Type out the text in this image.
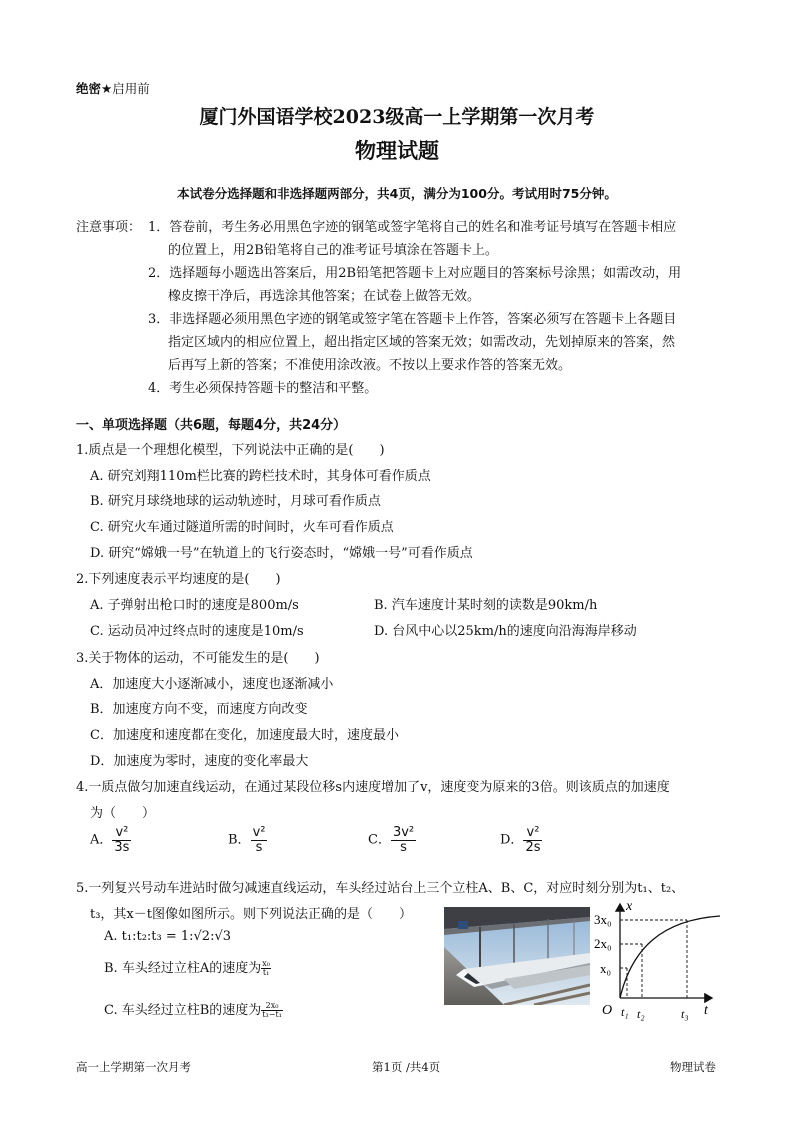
绝密★启用前
厦门外国语学校2023级高一上学期第一次月考
物理试题
本试卷分选择题和非选择题两部分，共4页，满分为100分。考试用时75分钟。
注意事项： 1．答卷前，考生务必用黑色字迹的钢笔或签字笔将自己的姓名和准考证号填写在答题卡相应
的位置上，用2B铅笔将自己的准考证号填涂在答题卡上。
2．选择题每小题选出答案后，用2B铅笔把答题卡上对应题目的答案标号涂黑；如需改动，用
橡皮擦干净后，再选涂其他答案；在试卷上做答无效。
3．非选择题必须用黑色字迹的钢笔或签字笔在答题卡上作答，答案必须写在答题卡上各题目
指定区域内的相应位置上，超出指定区域的答案无效；如需改动，先划掉原来的答案，然
后再写上新的答案；不准使用涂改液。不按以上要求作答的答案无效。
4．考生必须保持答题卡的整洁和平整。
一、单项选择题（共6题，每题4分，共24分）
1.质点是一个理想化模型，下列说法中正确的是(　　)
A. 研究刘翔110m栏比赛的跨栏技术时，其身体可看作质点
B. 研究月球绕地球的运动轨迹时，月球可看作质点
C. 研究火车通过隧道所需的时间时，火车可看作质点
D. 研究“嫦娥一号”在轨道上的飞行姿态时，“嫦娥一号”可看作质点
2.下列速度表示平均速度的是(　　)
A. 子弹射出枪口时的速度是800m/s	B. 汽车速度计某时刻的读数是90km/h
C. 运动员冲过终点时的速度是10m/s	D. 台风中心以25km/h的速度向沿海海岸移动
3.关于物体的运动，不可能发生的是(　　)
A．加速度大小逐渐减小，速度也逐渐减小
B．加速度方向不变，而速度方向改变
C．加速度和速度都在变化，加速度最大时，速度最小
D．加速度为零时，速度的变化率最大
4.一质点做匀加速直线运动，在通过某段位移s内速度增加了v，速度变为原来的3倍。则该质点的加速度
为（　　）
A． $\frac{\text{v²}}{3s}$	B． $\frac{\text{v²}}{s}$	C． $\frac{\text{3v²}}{s}$	D． $\frac{\text{v²}}{2s}$
5.一列复兴号动车进站时做匀减速直线运动，车头经过站台上三个立柱A、B、C，对应时刻分别为t₁、t₂、
t₃，其x－t图像如图所示。则下列说法正确的是（　　）
A. t₁:t₂:t₃ = 1:√2:√3
B. 车头经过立柱A的速度为 $\frac{\text{x₀}}{\text{t₁}}$
C. 车头经过立柱B的速度为 $\frac{\text{2x₀}}{\text{t₃−t₁}}$
3x₀
2x₀
x₀
x
O t₁ t₂	t₃ t
高一上学期第一次月考	第1页 /共4页	物理试卷
